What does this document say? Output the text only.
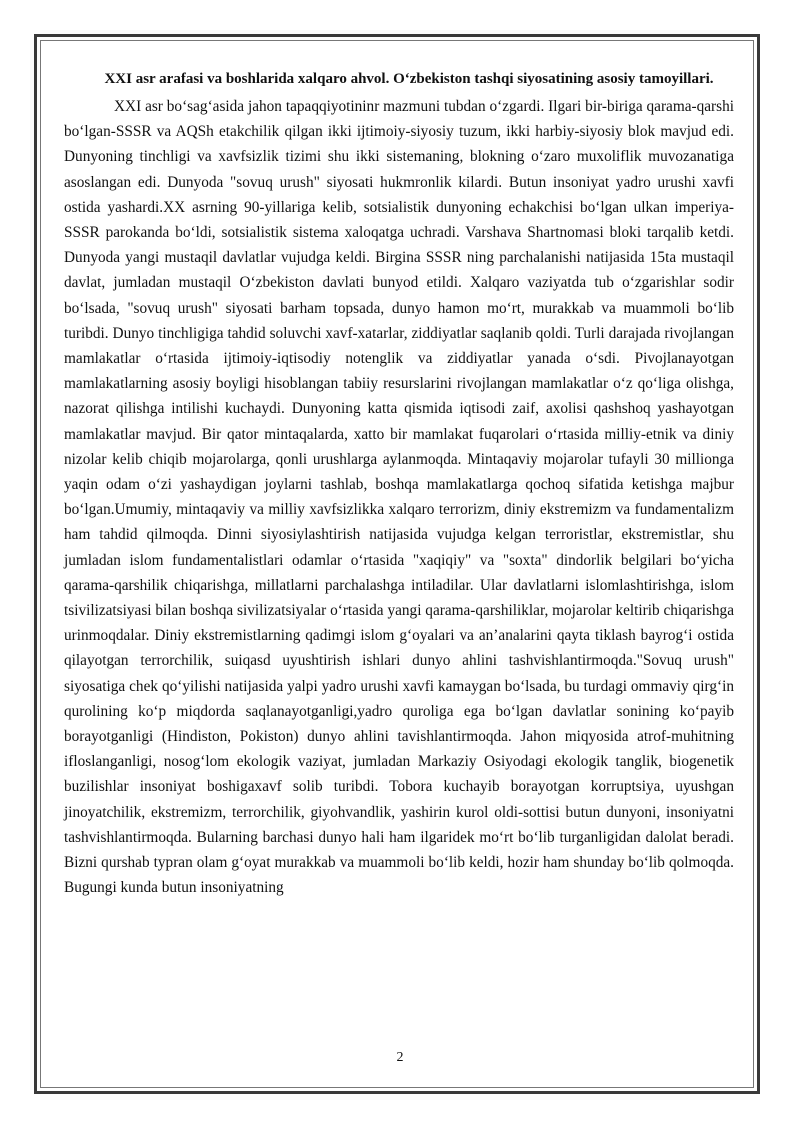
XXI asr arafasi va boshlarida xalqaro ahvol. O‘zbekiston tashqi siyosatining asosiy tamoyillari.

XXI asr bo‘sag‘asida jahon tapaqqiyotininr mazmuni tubdan o‘zgardi. Ilgari bir-biriga qarama-qarshi bo‘lgan-SSSR va AQSh etakchilik qilgan ikki ijtimoiy-siyosiy tuzum, ikki harbiy-siyosiy blok mavjud edi. Dunyoning tinchligi va xavfsizlik tizimi shu ikki sistemaning, blokning o‘zaro muxoliflik muvozanatiga asoslangan edi. Dunyoda "sovuq urush" siyosati hukmronlik kilardi. Butun insoniyat yadro urushi xavfi ostida yashardi.XX asrning 90-yillariga kelib, sotsialistik dunyoning echakchisi bo‘lgan ulkan imperiya-SSSR parokanda bo‘ldi, sotsialistik sistema xaloqatga uchradi. Varshava Shartnomasi bloki tarqalib ketdi. Dunyoda yangi mustaqil davlatlar vujudga keldi. Birgina SSSR ning parchalanishi natijasida 15ta mustaqil davlat, jumladan mustaqil O‘zbekiston davlati bunyod etildi. Xalqaro vaziyatda tub o‘zgarishlar sodir bo‘lsada, "sovuq urush" siyosati barham topsada, dunyo hamon mo‘rt, murakkab va muammoli bo‘lib turibdi. Dunyo tinchligiga tahdid soluvchi xavf-xatarlar, ziddiyatlar saqlanib qoldi. Turli darajada rivojlangan mamlakatlar o‘rtasida ijtimoiy-iqtisodiy notenglik va ziddiyatlar yanada o‘sdi. Pivojlanayotgan mamlakatlarning asosiy boyligi hisoblangan tabiiy resurslarini rivojlangan mamlakatlar o‘z qo‘liga olishga, nazorat qilishga intilishi kuchaydi. Dunyoning katta qismida iqtisodi zaif, axolisi qashshoq yashayotgan mamlakatlar mavjud. Bir qator mintaqalarda, xatto bir mamlakat fuqarolari o‘rtasida milliy-etnik va diniy nizolar kelib chiqib mojarolarga, qonli urushlarga aylanmoqda. Mintaqaviy mojarolar tufayli 30 millionga yaqin odam o‘zi yashaydigan joylarni tashlab, boshqa mamlakatlarga qochoq sifatida ketishga majbur bo‘lgan.Umumiy, mintaqaviy va milliy xavfsizlikka xalqaro terrorizm, diniy ekstremizm va fundamentalizm ham tahdid qilmoqda. Dinni siyosiylashtirish natijasida vujudga kelgan terroristlar, ekstremistlar, shu jumladan islom fundamentalistlari odamlar o‘rtasida "xaqiqiy" va "soxta" dindorlik belgilari bo‘yicha qarama-qarshilik chiqarishga, millatlarni parchalashga intiladilar. Ular davlatlarni islomlashtirishga, islom tsivilizatsiyasi bilan boshqa sivilizatsiyalar o‘rtasida yangi qarama-qarshiliklar, mojarolar keltirib chiqarishga urinmoqdalar. Diniy ekstremistlarning qadimgi islom g‘oyalari va an’analarini qayta tiklash bayrog‘i ostida qilayotgan terrorchilik, suiqasd uyushtirish ishlari dunyo ahlini tashvishlantirmoqda."Sovuq urush" siyosatiga chek qo‘yilishi natijasida yalpi yadro urushi xavfi kamaygan bo‘lsada, bu turdagi ommaviy qirg‘in qurolining ko‘p miqdorda saqlanayotganligi,yadro quroliga ega bo‘lgan davlatlar sonining ko‘payib borayotganligi (Hindiston, Pokiston) dunyo ahlini tavishlantirmoqda. Jahon miqyosida atrof-muhitning ifloslanganligi, nosog‘lom ekologik vaziyat, jumladan Markaziy Osiyodagi ekologik tanglik, biogenetik buzilishlar insoniyat boshigaxavf solib turibdi. Tobora kuchayib borayotgan korruptsiya, uyushgan jinoyatchilik, ekstremizm, terrorchilik, giyohvandlik, yashirin kurol oldi-sottisi butun dunyoni, insoniyatni tashvishlantirmoqda. Bularning barchasi dunyo hali ham ilgaridek mo‘rt bo‘lib turganligidan dalolat beradi. Bizni qurshab typran olam g‘oyat murakkab va muammoli bo‘lib keldi, hozir ham shunday bo‘lib qolmoqda. Bugungi kunda butun insoniyatning

2
